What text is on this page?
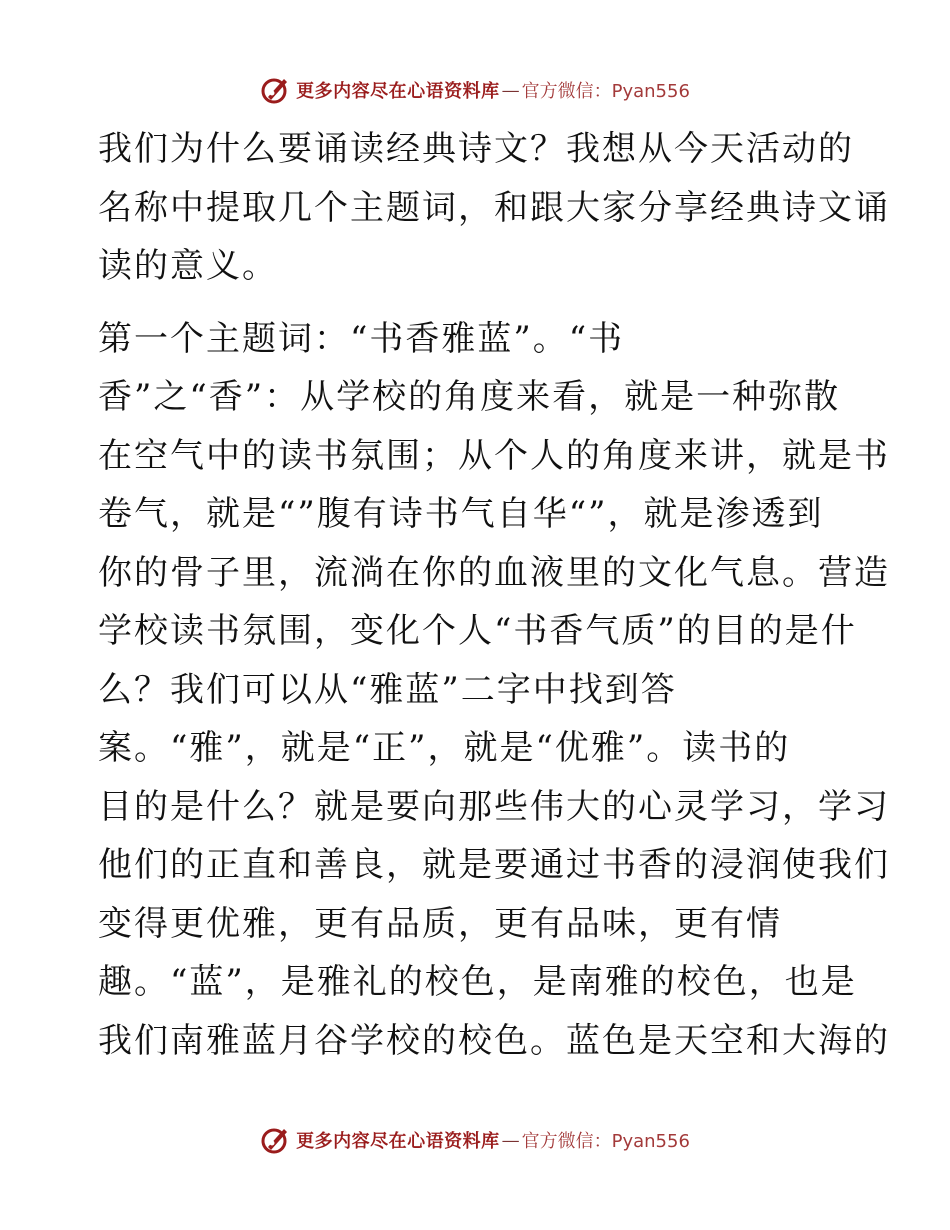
更多内容尽在心语资料库 — 官方微信：Pyan556
我们为什么要诵读经典诗文？我想从今天活动的
名称中提取几个主题词，和跟大家分享经典诗文诵
读的意义。
第一个主题词：“书香雅蓝”。“书
香”之“香”：从学校的角度来看，就是一种弥散
在空气中的读书氛围；从个人的角度来讲，就是书
卷气，就是“”腹有诗书气自华“”，就是渗透到
你的骨子里，流淌在你的血液里的文化气息。营造
学校读书氛围，变化个人“书香气质”的目的是什
么？我们可以从“雅蓝”二字中找到答
案。“雅”，就是“正”，就是“优雅”。读书的
目的是什么？就是要向那些伟大的心灵学习，学习
他们的正直和善良，就是要通过书香的浸润使我们
变得更优雅，更有品质，更有品味，更有情
趣。“蓝”，是雅礼的校色，是南雅的校色，也是
我们南雅蓝月谷学校的校色。蓝色是天空和大海的
更多内容尽在心语资料库 — 官方微信：Pyan556
